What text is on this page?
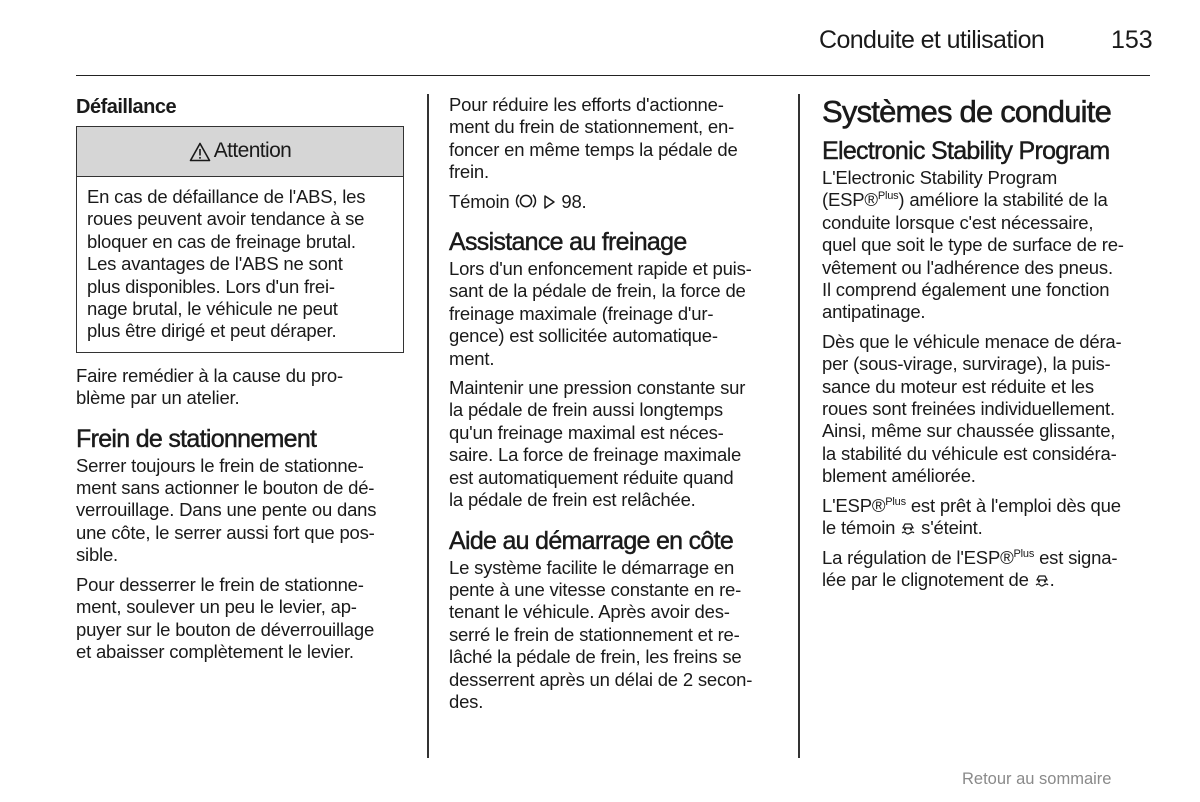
Conduite et utilisation	153
Défaillance
Attention
En cas de défaillance de l'ABS, les
roues peuvent avoir tendance à se
bloquer en cas de freinage brutal.
Les avantages de l'ABS ne sont
plus disponibles. Lors d'un frei-
nage brutal, le véhicule ne peut
plus être dirigé et peut déraper.

Faire remédier à la cause du pro-
blème par un atelier.

Frein de stationnement

Serrer toujours le frein de stationne-
ment sans actionner le bouton de dé-
verrouillage. Dans une pente ou dans
une côte, le serrer aussi fort que pos-
sible.

Pour desserrer le frein de stationne-
ment, soulever un peu le levier, ap-
puyer sur le bouton de déverrouillage
et abaisser complètement le levier.

Pour réduire les efforts d'actionne-
ment du frein de stationnement, en-
foncer en même temps la pédale de
frein.

Témoin	98.

Assistance au freinage

Lors d'un enfoncement rapide et puis-
sant de la pédale de frein, la force de
freinage maximale (freinage d'ur-
gence) est sollicitée automatique-
ment.

Maintenir une pression constante sur
la pédale de frein aussi longtemps
qu'un freinage maximal est néces-
saire. La force de freinage maximale
est automatiquement réduite quand
la pédale de frein est relâchée.

Aide au démarrage en côte

Le système facilite le démarrage en
pente à une vitesse constante en re-
tenant le véhicule. Après avoir des-
serré le frein de stationnement et re-
lâché la pédale de frein, les freins se
desserrent après un délai de 2 secon-
des.

Systèmes de conduite
Electronic Stability Program

L'Electronic Stability Program
(ESP®$^{Plus}$) améliore la stabilité de la
conduite lorsque c'est nécessaire,
quel que soit le type de surface de re-
vêtement ou l'adhérence des pneus.
Il comprend également une fonction
antipatinage.

Dès que le véhicule menace de déra-
per (sous-virage, survirage), la puis-
sance du moteur est réduite et les
roues sont freinées individuellement.
Ainsi, même sur chaussée glissante,
la stabilité du véhicule est considéra-
blement améliorée.

L'ESP®$^{Plus}$ est prêt à l'emploi dès que
le témoin  s'éteint.

La régulation de l'ESP®$^{Plus}$ est signa-
lée par le clignotement de .

Retour au sommaire
